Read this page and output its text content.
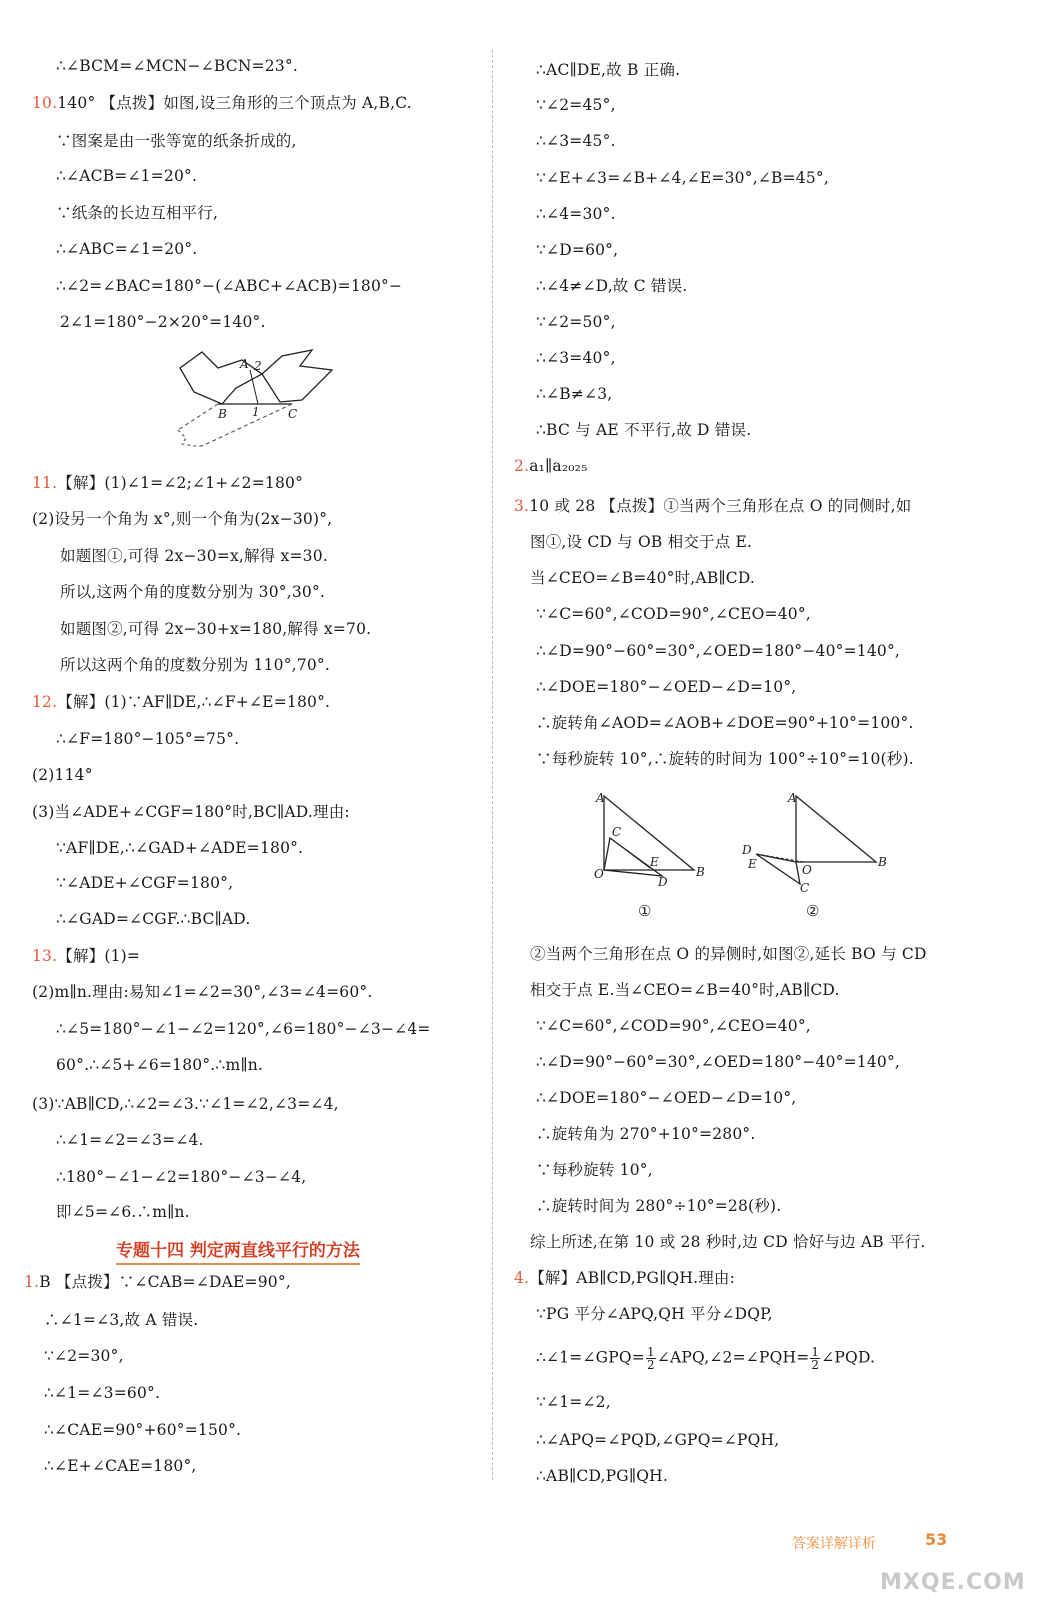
∴∠BCM=∠MCN−∠BCN=23°.
10.140° 【点拨】如图,设三角形的三个顶点为 A,B,C.
∵图案是由一张等宽的纸条折成的,
∴∠ACB=∠1=20°.
∵纸条的长边互相平行,
∴∠ABC=∠1=20°.
∴∠2=∠BAC=180°−(∠ABC+∠ACB)=180°−
2∠1=180°−2×20°=140°.
11.【解】(1)∠1=∠2;∠1+∠2=180°
(2)设另一个角为 x°,则一个角为(2x−30)°,
如题图①,可得 2x−30=x,解得 x=30.
所以,这两个角的度数分别为 30°,30°.
如题图②,可得 2x−30+x=180,解得 x=70.
所以这两个角的度数分别为 110°,70°.
12.【解】(1)∵AF∥DE,∴∠F+∠E=180°.
∴∠F=180°−105°=75°.
(2)114°
(3)当∠ADE+∠CGF=180°时,BC∥AD.理由:
∵AF∥DE,∴∠GAD+∠ADE=180°.
∵∠ADE+∠CGF=180°,
∴∠GAD=∠CGF.∴BC∥AD.
13.【解】(1)=
(2)m∥n.理由:易知∠1=∠2=30°,∠3=∠4=60°.
∴∠5=180°−∠1−∠2=120°,∠6=180°−∠3−∠4=
60°.∴∠5+∠6=180°.∴m∥n.
(3)∵AB∥CD,∴∠2=∠3.∵∠1=∠2,∠3=∠4,
∴∠1=∠2=∠3=∠4.
∴180°−∠1−∠2=180°−∠3−∠4,
即∠5=∠6.∴m∥n.
1.B 【点拨】∵∠CAB=∠DAE=90°,
∴∠1=∠3,故 A 错误.
∵∠2=30°,
∴∠1=∠3=60°.
∴∠CAE=90°+60°=150°.
∴∠E+∠CAE=180°,
∴AC∥DE,故 B 正确.
∵∠2=45°,
∴∠3=45°.
∵∠E+∠3=∠B+∠4,∠E=30°,∠B=45°,
∴∠4=30°.
∵∠D=60°,
∴∠4≠∠D,故 C 错误.
∵∠2=50°,
∴∠3=40°,
∴∠B≠∠3,
∴BC 与 AE 不平行,故 D 错误.
2.a₁∥a₂₀₂₅
3.10 或 28 【点拨】①当两个三角形在点 O 的同侧时,如
图①,设 CD 与 OB 相交于点 E.
当∠CEO=∠B=40°时,AB∥CD.
∵∠C=60°,∠COD=90°,∠CEO=40°,
∴∠D=90°−60°=30°,∠OED=180°−40°=140°,
∴∠DOE=180°−∠OED−∠D=10°,
∴旋转角∠AOD=∠AOB+∠DOE=90°+10°=100°.
∵每秒旋转 10°,∴旋转的时间为 100°÷10°=10(秒).
②当两个三角形在点 O 的异侧时,如图②,延长 BO 与 CD
相交于点 E.当∠CEO=∠B=40°时,AB∥CD.
∵∠C=60°,∠COD=90°,∠CEO=40°,
∴∠D=90°−60°=30°,∠OED=180°−40°=140°,
∴∠DOE=180°−∠OED−∠D=10°,
∴旋转角为 270°+10°=280°.
∵每秒旋转 10°,
∴旋转时间为 280°÷10°=28(秒).
综上所述,在第 10 或 28 秒时,边 CD 恰好与边 AB 平行.
4.【解】AB∥CD,PG∥QH.理由:
∵PG 平分∠APQ,QH 平分∠DQP,
∴∠1=∠GPQ= $\frac{1}{2}$ ∠APQ,∠2=∠PQH= $\frac{1}{2}$ ∠PQD.
∵∠1=∠2,
∴∠APQ=∠PQD,∠GPQ=∠PQH,
∴AB∥CD,PG∥QH.
A 2
B 1 C
A
C
E
O
D
B
①
A
D
E	O
C
B
②
答案详解详析	53
MXQE.COM
专题十四 判定两直线平行的方法
